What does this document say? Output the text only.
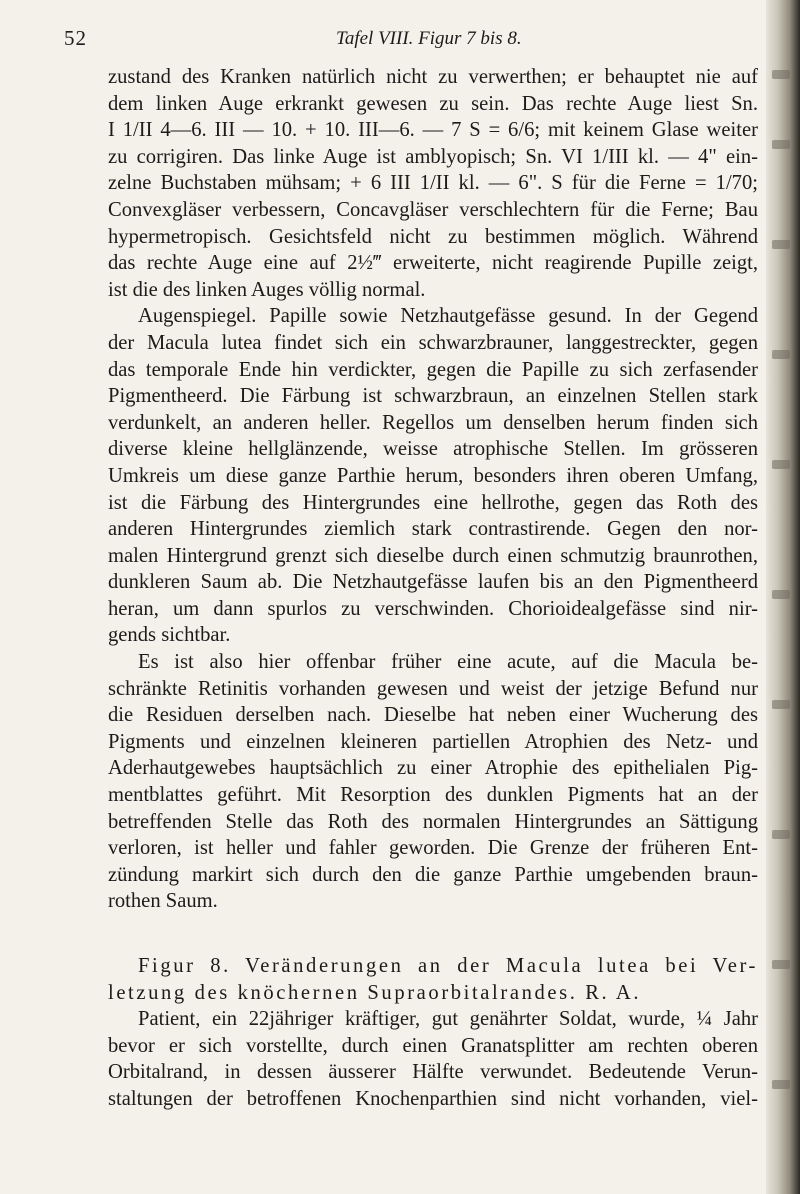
52	Tafel VIII. Figur 7 bis 8.
zustand des Kranken natürlich nicht zu verwerthen; er behauptet nie auf
dem linken Auge erkrankt gewesen zu sein. Das rechte Auge liest Sn.
I 1/II 4—6. III — 10. + 10. III—6. — 7 S = 6/6; mit keinem Glase weiter
zu corrigiren. Das linke Auge ist amblyopisch; Sn. VI 1/III kl. — 4" ein-
zelne Buchstaben mühsam; + 6 III 1/II kl. — 6". S für die Ferne = 1/70;
Convexgläser verbessern, Concavgläser verschlechtern für die Ferne; Bau
hypermetropisch. Gesichtsfeld nicht zu bestimmen möglich. Während
das rechte Auge eine auf 2½‴ erweiterte, nicht reagirende Pupille zeigt,
ist die des linken Auges völlig normal.
Augenspiegel. Papille sowie Netzhautgefässe gesund. In der Gegend
der Macula lutea findet sich ein schwarzbrauner, langgestreckter, gegen
das temporale Ende hin verdickter, gegen die Papille zu sich zerfasender
Pigmentheerd. Die Färbung ist schwarzbraun, an einzelnen Stellen stark
verdunkelt, an anderen heller. Regellos um denselben herum finden sich
diverse kleine hellglänzende, weisse atrophische Stellen. Im grösseren
Umkreis um diese ganze Parthie herum, besonders ihren oberen Umfang,
ist die Färbung des Hintergrundes eine hellrothe, gegen das Roth des
anderen Hintergrundes ziemlich stark contrastirende. Gegen den nor-
malen Hintergrund grenzt sich dieselbe durch einen schmutzig braunrothen,
dunkleren Saum ab. Die Netzhautgefässe laufen bis an den Pigmentheerd
heran, um dann spurlos zu verschwinden. Chorioidealgefässe sind nir-
gends sichtbar.
Es ist also hier offenbar früher eine acute, auf die Macula be-
schränkte Retinitis vorhanden gewesen und weist der jetzige Befund nur
die Residuen derselben nach. Dieselbe hat neben einer Wucherung des
Pigments und einzelnen kleineren partiellen Atrophien des Netz- und
Aderhautgewebes hauptsächlich zu einer Atrophie des epithelialen Pig-
mentblattes geführt. Mit Resorption des dunklen Pigments hat an der
betreffenden Stelle das Roth des normalen Hintergrundes an Sättigung
verloren, ist heller und fahler geworden. Die Grenze der früheren Ent-
zündung markirt sich durch den die ganze Parthie umgebenden braun-
rothen Saum.
Figur 8. Veränderungen an der Macula lutea bei Ver-
letzung des knöchernen Supraorbitalrandes. R. A.
Patient, ein 22jähriger kräftiger, gut genährter Soldat, wurde, ¼ Jahr
bevor er sich vorstellte, durch einen Granatsplitter am rechten oberen
Orbitalrand, in dessen äusserer Hälfte verwundet. Bedeutende Verun-
staltungen der betroffenen Knochenparthien sind nicht vorhanden, viel-
